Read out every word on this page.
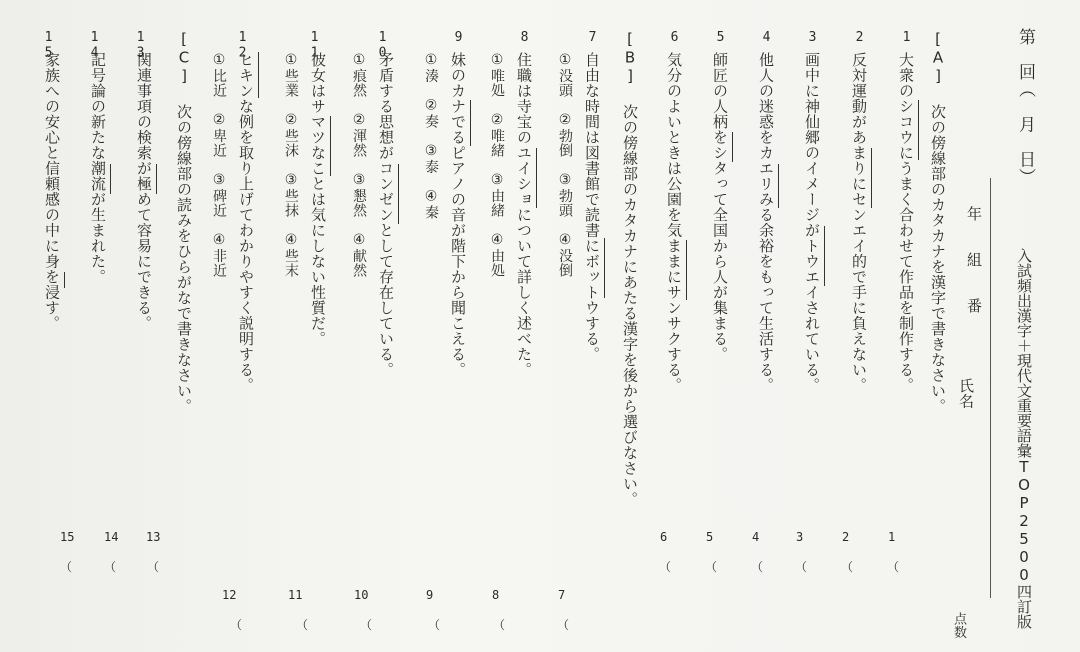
第　回（　月　日）
入試頻出漢字＋現代文重要語彙TOP2500四訂版
年
組
番
氏名
点数
[A] 次の傍線部のカタカナを漢字で書きなさい。
1
大衆のシコウにうまく合わせて作品を制作する。
2
反対運動があまりにセンエイ的で手に負えない。
3
画中に神仙郷のイメージがトウエイされている。
4
他人の迷惑をカエリみる余裕をもって生活する。
5
師匠の人柄をシタって全国から人が集まる。
6
気分のよいときは公園を気ままにサンサクする。
[B] 次の傍線部のカタカナにあたる漢字を後から選びなさい。
7
自由な時間は図書館で読書にボットウする。
①没頭　②勃倒　③勃頭　④没倒
8
住職は寺宝のユイショについて詳しく述べた。
①唯処　②唯緒　③由緒　④由処
9
妹のカナでるピアノの音が階下から聞こえる。
①湊　②奏　③泰　④秦
10
矛盾する思想がコンゼンとして存在している。
①痕然　②渾然　③懇然　④献然
11
彼女はサマツなことは気にしない性質だ。
①些業　②些沫　③些抹　④些末
12
ヒキンな例を取り上げてわかりやすく説明する。
①比近　②卑近　③碑近　④非近
[C] 次の傍線部の読みをひらがなで書きなさい。
13
関連事項の検索が極めて容易にできる。
14
記号論の新たな潮流が生まれた。
15
家族への安心と信頼感の中に身を浸す。
1
2
3
4
5
6
13
14
15
（
（
（
（
（
（
（
（
（
7
8
9
10
11
12
（
（
（
（
（
（
